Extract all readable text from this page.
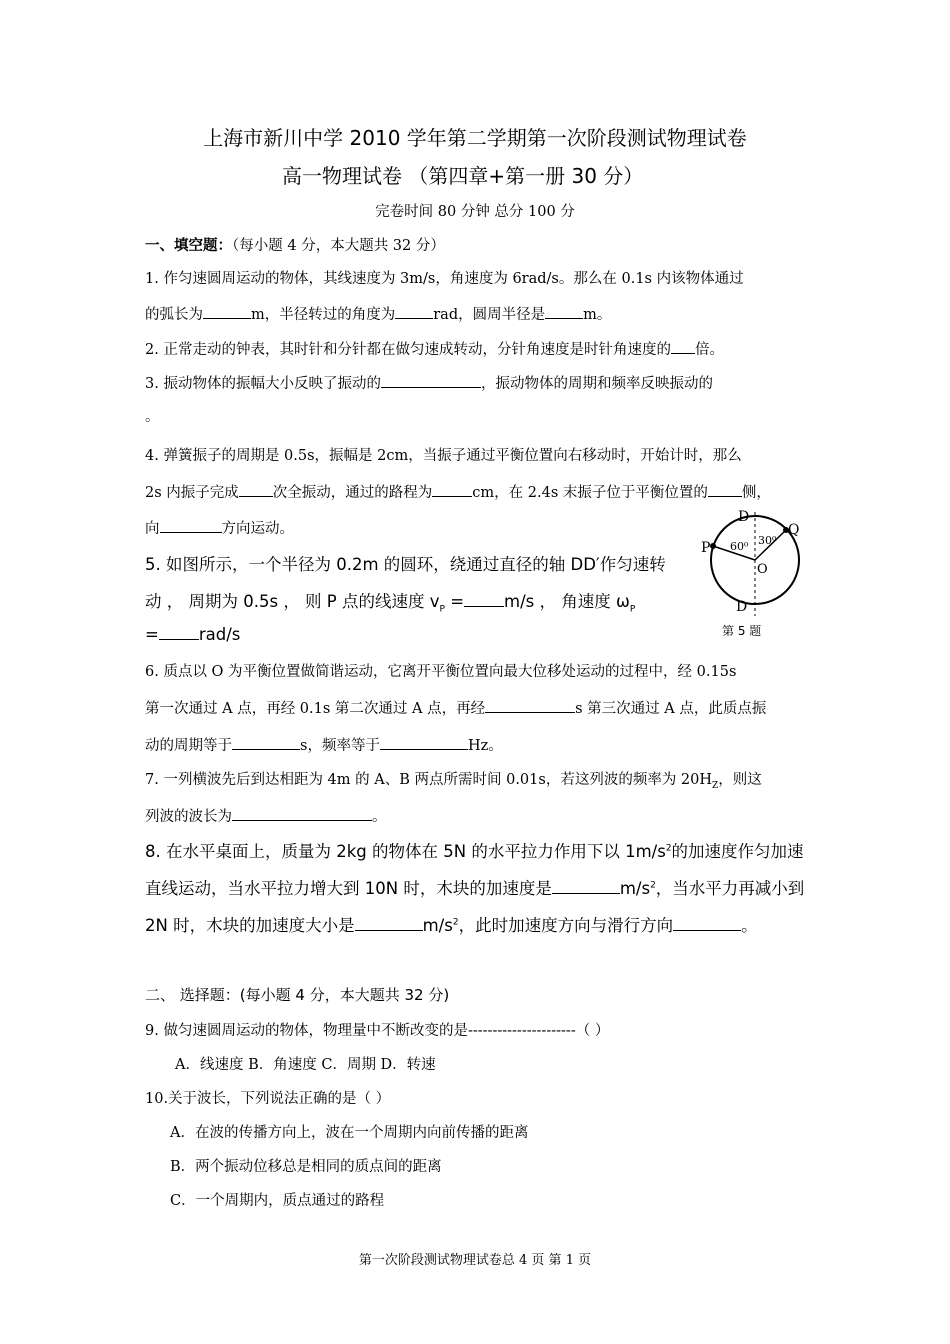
上海市新川中学 2010 学年第二学期第一次阶段测试物理试卷
高一物理试卷 （第四章+第一册 30 分）
完卷时间 80 分钟 总分 100 分
一、填空题：（每小题 4 分，本大题共 32 分）
1. 作匀速圆周运动的物体，其线速度为 3m/s，角速度为 6rad/s。那么在 0.1s 内该物体通过
的弧长为	m，半径转过的角度为	rad，圆周半径是	m。
2. 正常走动的钟表，其时针和分针都在做匀速成转动，分针角速度是时针角速度的 倍。
3. 振动物体的振幅大小反映了振动的	，振动物体的周期和频率反映振动的
。
4. 弹簧振子的周期是 0.5s，振幅是 2cm，当振子通过平衡位置向右移动时，开始计时，那么
2s 内振子完成 次全振动，通过的路程为	cm，在 2.4s 末振子位于平衡位置的 侧，
向	方向运动。
5. 如图所示，一个半径为 0.2m 的圆环，绕通过直径的轴 DD′作匀速转
动 ， 周期为 0.5s ， 则 P 点的线速度 $v_P = m/s$ ， 角速度 $\omega_P$
= rad/s
D
D
P
Q
O
60⁰ 30⁰
第 5 题
6. 质点以 O 为平衡位置做简谐运动，它离开平衡位置向最大位移处运动的过程中，经 0.15s
第一次通过 A 点，再经 0.1s 第二次通过 A 点，再经	s 第三次通过 A 点，此质点振
动的周期等于	s，频率等于	Hz。
7. 一列横波先后到达相距为 4m 的 A、B 两点所需时间 0.01s，若这列波的频率为 $20H_Z$，则这
列波的波长为	。
8. 在水平桌面上，质量为 2kg 的物体在 5N 的水平拉力作用下以 $1m/s^2$的加速度作匀加速
直线运动，当水平拉力增大到 10N 时，木块的加速度是	$m/s^2$，当水平力再减小到
2N 时，木块的加速度大小是	$m/s^2$，此时加速度方向与滑行方向	。
二、 选择题：(每小题 4 分，本大题共 32 分)
9. 做匀速圆周运动的物体，物理量中不断改变的是----------------------（ ）
A．线速度 B．角速度 C．周期 D．转速
10.关于波长，下列说法正确的是（ ）
A．在波的传播方向上，波在一个周期内向前传播的距离
B．两个振动位移总是相同的质点间的距离
C．一个周期内，质点通过的路程
第一次阶段测试物理试卷总 4 页 第 1 页
